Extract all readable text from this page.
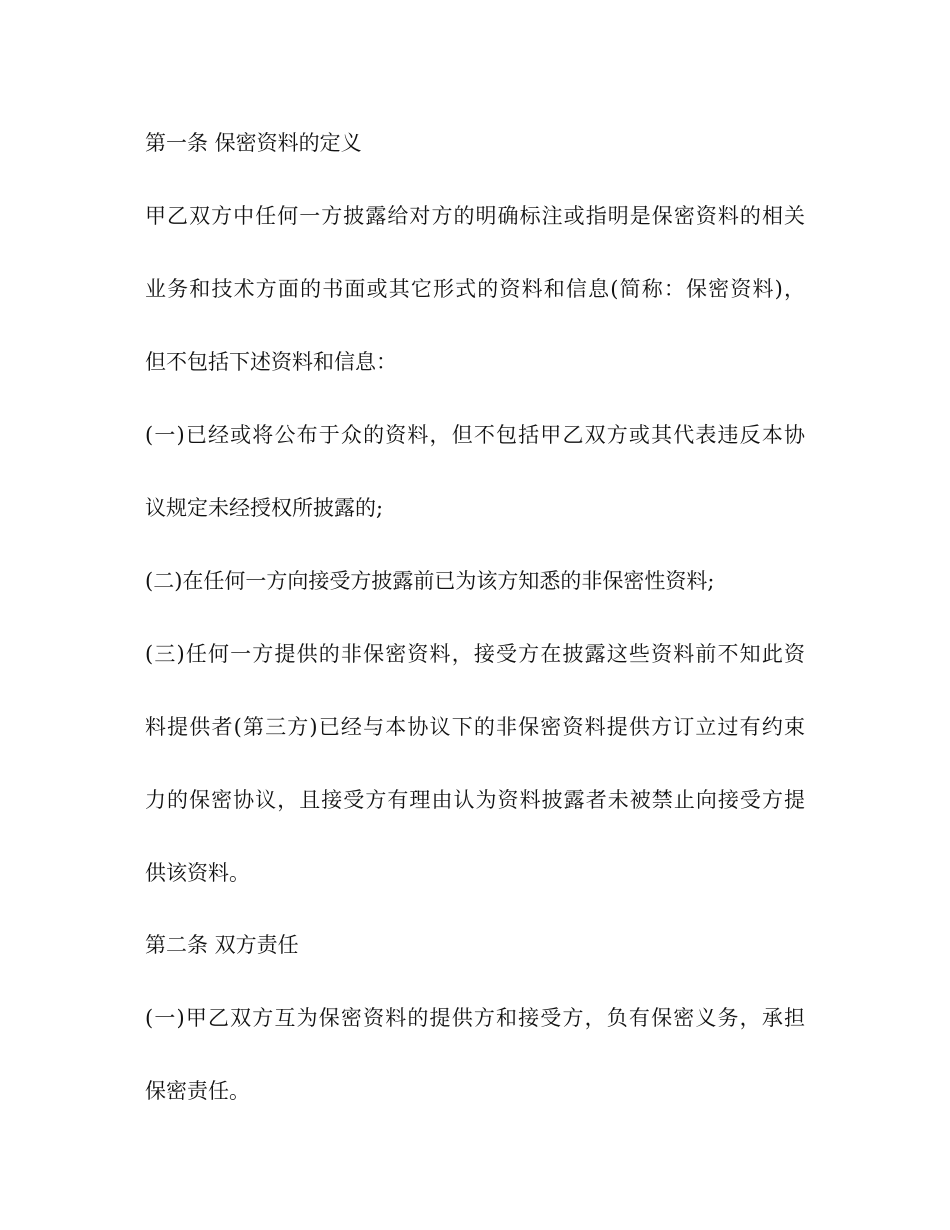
第一条 保密资料的定义
甲乙双方中任何一方披露给对方的明确标注或指明是保密资料的相关
业务和技术方面的书面或其它形式的资料和信息(简称：保密资料)，
但不包括下述资料和信息：
(一)已经或将公布于众的资料，但不包括甲乙双方或其代表违反本协
议规定未经授权所披露的;
(二)在任何一方向接受方披露前已为该方知悉的非保密性资料;
(三)任何一方提供的非保密资料，接受方在披露这些资料前不知此资
料提供者(第三方)已经与本协议下的非保密资料提供方订立过有约束
力的保密协议，且接受方有理由认为资料披露者未被禁止向接受方提
供该资料。
第二条 双方责任
(一)甲乙双方互为保密资料的提供方和接受方，负有保密义务，承担
保密责任。
